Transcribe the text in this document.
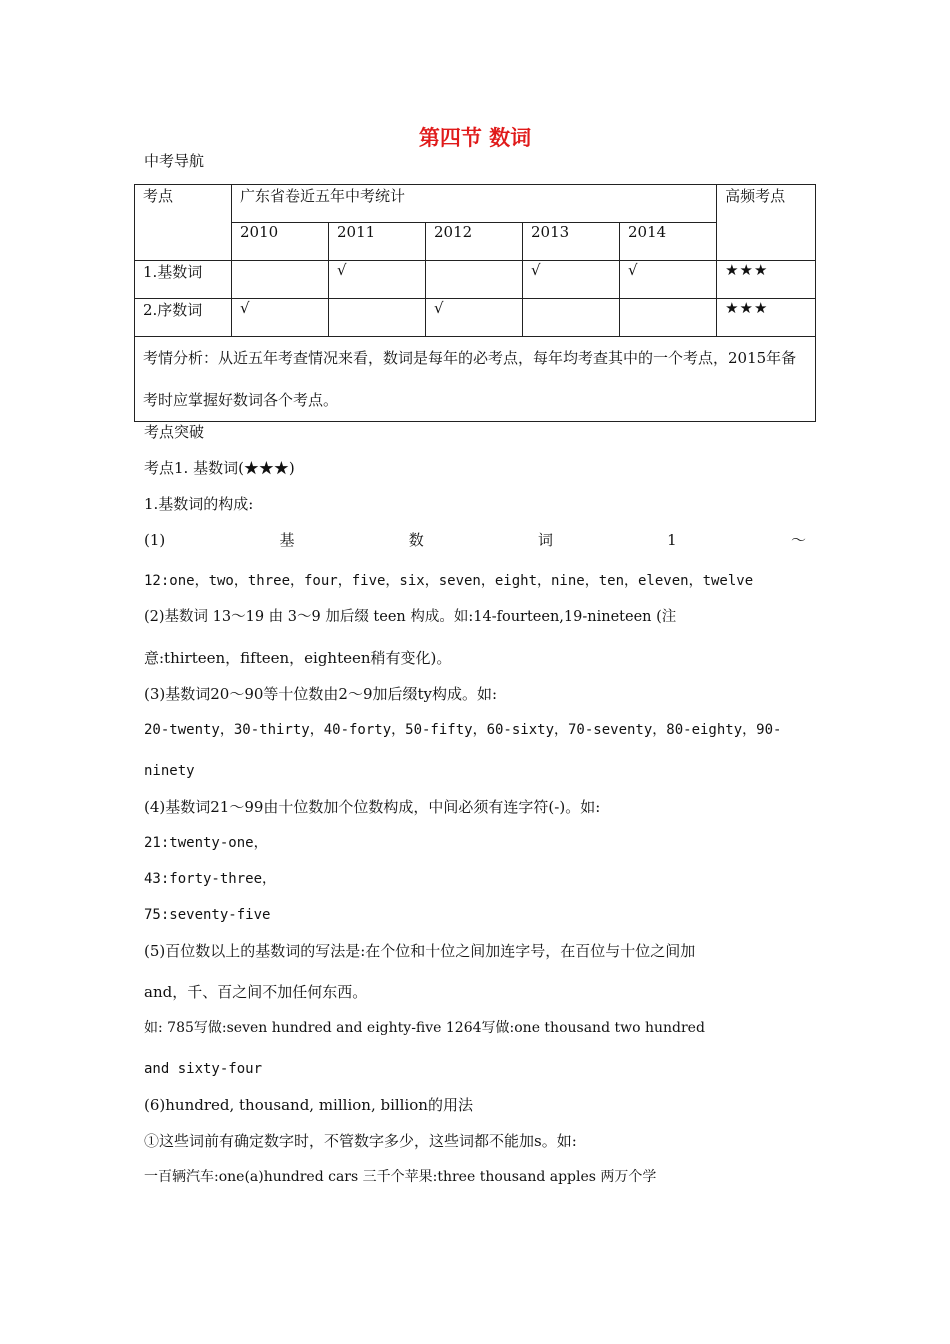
第四节 数词
中考导航
考点	广东省卷近五年中考统计					高频考点
	2010	2011	2012	2013	2014	
1.基数词		√		√	√	★★★
2.序数词	√		√			★★★
考情分析：从近五年考查情况来看，数词是每年的必考点，每年均考查其中的一个考点，2015年备考时应掌握好数词各个考点。						
考点突破
考点1. 基数词(★★★)
1.基数词的构成:
(1)	基	数	词	1	～
12:one，two，three，four，five，six，seven，eight，nine，ten，eleven，twelve
(2)基数词 13～19 由 3～9 加后缀 teen 构成。如:14-fourteen,19-nineteen (注
意:thirteen，fifteen，eighteen稍有变化)。
(3)基数词20～90等十位数由2～9加后缀ty构成。如:
20-twenty，30-thirty，40-forty，50-fifty，60-sixty，70-seventy，80-eighty，90-
ninety
(4)基数词21～99由十位数加个位数构成，中间必须有连字符(-)。如:
21:twenty-one，
43:forty-three，
75:seventy-five
(5)百位数以上的基数词的写法是:在个位和十位之间加连字号，在百位与十位之间加
and，千、百之间不加任何东西。
如: 785写做:seven hundred and eighty-five 1264写做:one thousand two hundred
and sixty-four
(6)hundred, thousand, million, billion的用法
①这些词前有确定数字时，不管数字多少，这些词都不能加s。如:
一百辆汽车:one(a)hundred cars 三千个苹果:three thousand apples 两万个学
